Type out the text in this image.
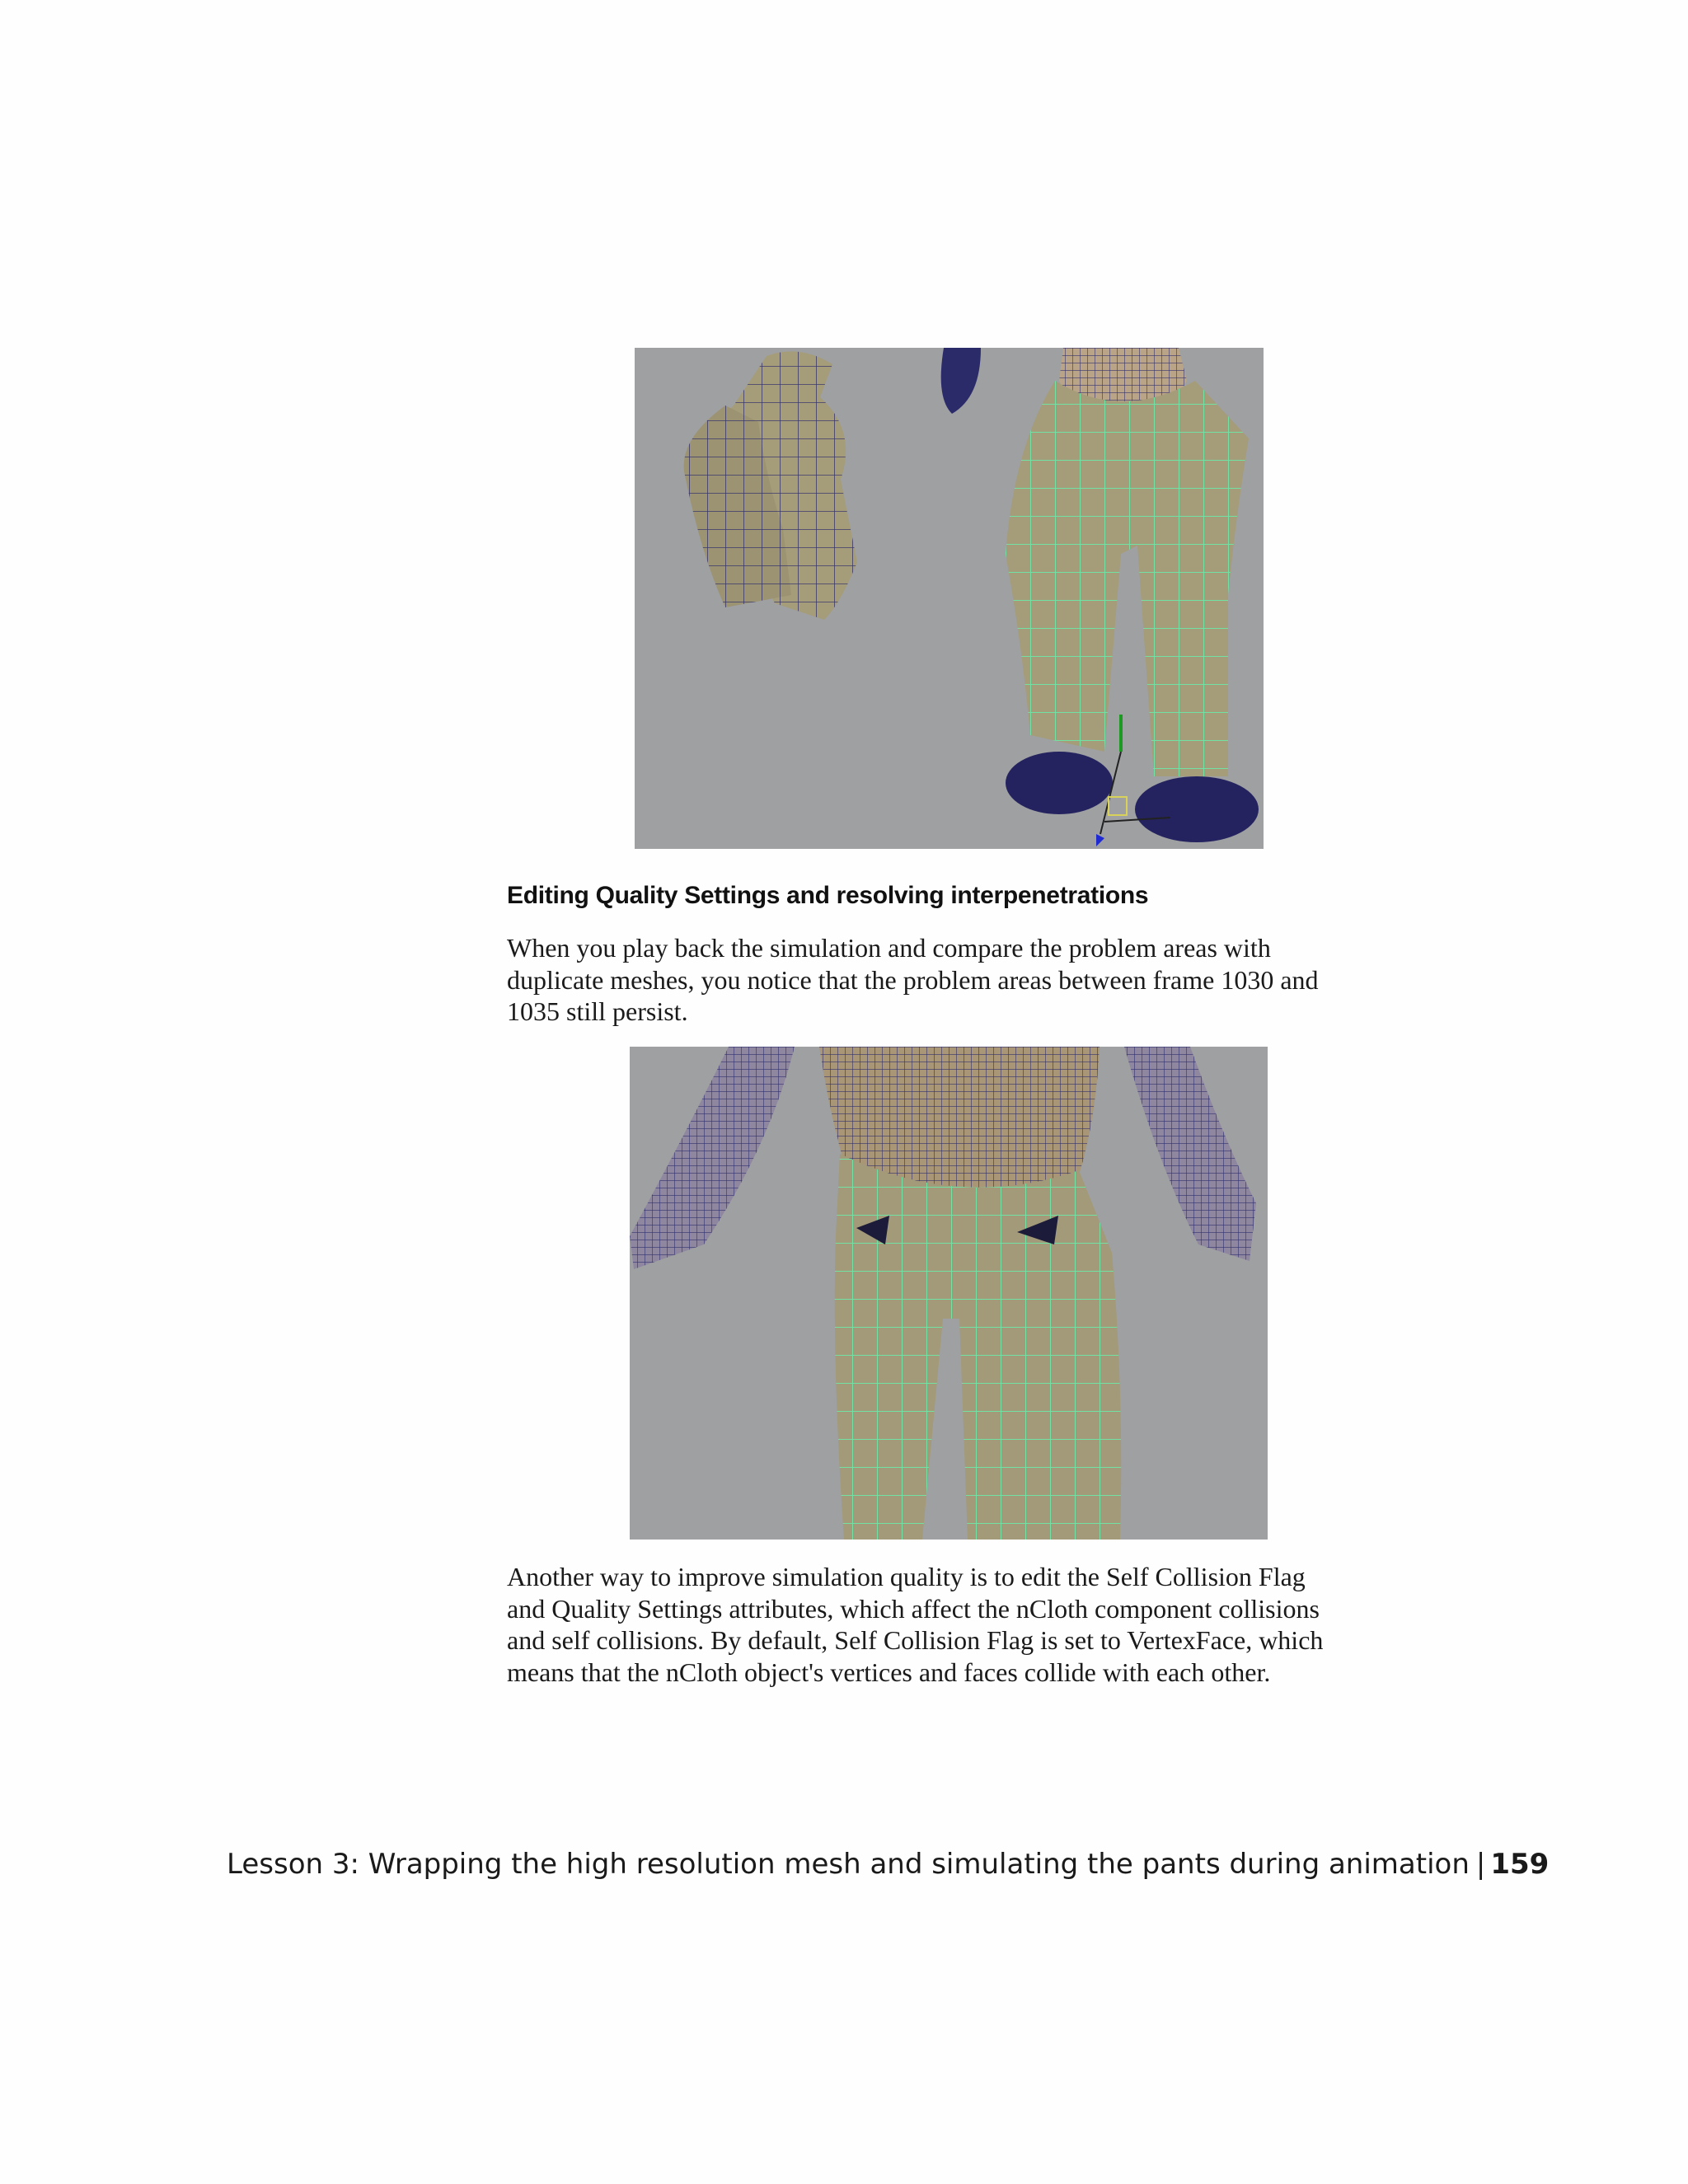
Editing Quality Settings and resolving interpenetrations

When you play back the simulation and compare the problem areas with
duplicate meshes, you notice that the problem areas between frame 1030 and
1035 still persist.

Another way to improve simulation quality is to edit the Self Collision Flag
and Quality Settings attributes, which affect the nCloth component collisions
and self collisions. By default, Self Collision Flag is set to VertexFace, which
means that the nCloth object's vertices and faces collide with each other.

Lesson 3: Wrapping the high resolution mesh and simulating the pants during animation | 159
